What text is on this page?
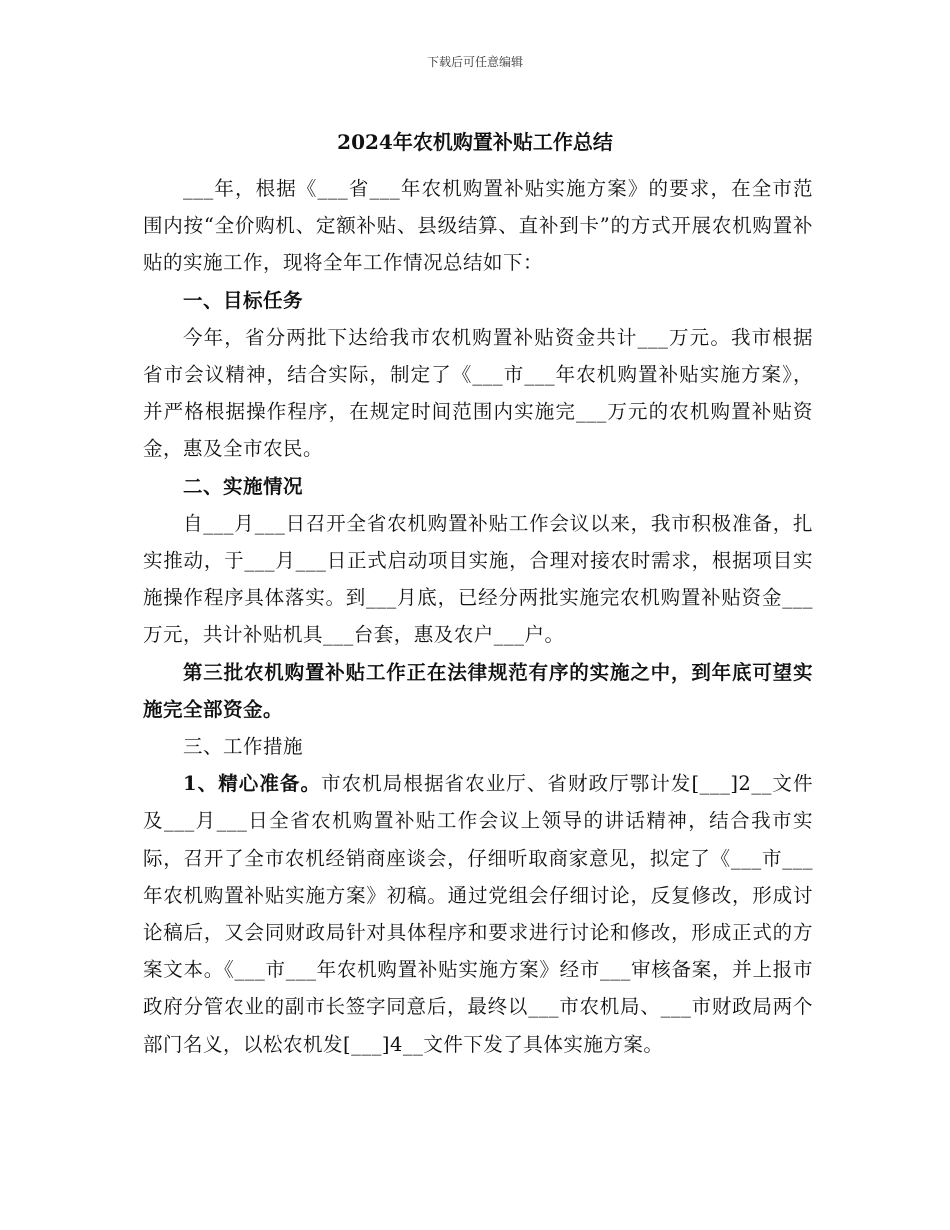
下载后可任意编辑
2024年农机购置补贴工作总结

___年，根据《___省___年农机购置补贴实施方案》的要求，在全市范围内按“全价购机、定额补贴、县级结算、直补到卡”的方式开展农机购置补贴的实施工作，现将全年工作情况总结如下：

一、目标任务

今年，省分两批下达给我市农机购置补贴资金共计___万元。我市根据省市会议精神，结合实际，制定了《___市___年农机购置补贴实施方案》，并严格根据操作程序，在规定时间范围内实施完___万元的农机购置补贴资金，惠及全市农民。

二、实施情况

自___月___日召开全省农机购置补贴工作会议以来，我市积极准备，扎实推动，于___月___日正式启动项目实施，合理对接农时需求，根据项目实施操作程序具体落实。到___月底，已经分两批实施完农机购置补贴资金___万元，共计补贴机具___台套，惠及农户___户。

第三批农机购置补贴工作正在法律规范有序的实施之中，到年底可望实施完全部资金。

三、工作措施

1、精心准备。市农机局根据省农业厅、省财政厅鄂计发[___]2__文件及___月___日全省农机购置补贴工作会议上领导的讲话精神，结合我市实际，召开了全市农机经销商座谈会，仔细听取商家意见，拟定了《___市___年农机购置补贴实施方案》初稿。通过党组会仔细讨论，反复修改，形成讨论稿后，又会同财政局针对具体程序和要求进行讨论和修改，形成正式的方案文本。《___市___年农机购置补贴实施方案》经市___审核备案，并上报市政府分管农业的副市长签字同意后，最终以___市农机局、___市财政局两个部门名义，以松农机发[___]4__文件下发了具体实施方案。
